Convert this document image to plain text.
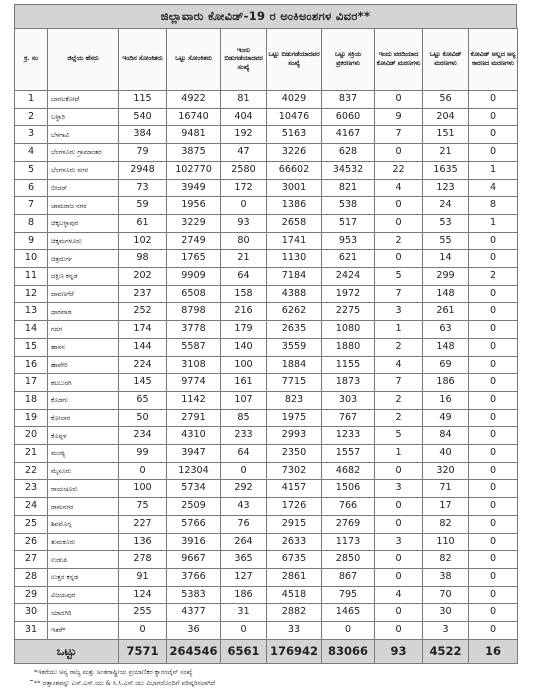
ಜಿಲ್ಲಾವಾರು ಕೋವಿಡ್-19 ರ ಅಂಕಿಅಂಶಗಳ ವಿವರ**
ಕ್ರ. ಸಂ	ಜಿಲ್ಲೆಯ ಹೆಸರು	ಇಂದಿನ ಸೋಂಕಿತರು	ಒಟ್ಟು ಸೋಂಕಿತರು	ಇಂದು ಬಿಡುಗಡೆಯಾದವರ ಸಂಖ್ಯೆ	ಒಟ್ಟು ಬಿಡುಗಡೆಯಾದವರ ಸಂಖ್ಯೆ	ಒಟ್ಟು ಸಕ್ರಿಯ ಪ್ರಕರಣಗಳು	ಇಂದು ವರದಿಯಾದ ಕೋವಿಡ್ ಮರಣಗಳು	ಒಟ್ಟು ಕೋವಿಡ್ ಮರಣಗಳು	ಕೋವಿಡ್ ಅಲ್ಲದ ಅನ್ಯ ಕಾರಣದ ಮರಣಗಳು
1	ಬಾಗಲಕೋಟೆ	115	4922	81	4029	837	0	56	0
2	ಬಳ್ಳಾರಿ	540	16740	404	10476	6060	9	204	0
3	ಬೆಳಗಾವಿ	384	9481	192	5163	4167	7	151	0
4	ಬೆಂಗಳೂರು ಗ್ರಾಮಾಂತರ	79	3875	47	3226	628	0	21	0
5	ಬೆಂಗಳೂರು ನಗರ	2948	102770	2580	66602	34532	22	1635	1
6	ಬೀದರ್	73	3949	172	3001	821	4	123	4
7	ಚಾಮರಾಜ ನಗರ	59	1956	0	1386	538	0	24	8
8	ಚಿಕ್ಕಬಳ್ಳಾಪುರ	61	3229	93	2658	517	0	53	1
9	ಚಿಕ್ಕಮಗಳೂರು	102	2749	80	1741	953	2	55	0
10	ಚಿತ್ರದುರ್ಗ	98	1765	21	1130	621	0	14	0
11	ದಕ್ಷಿಣ ಕನ್ನಡ	202	9909	64	7184	2424	5	299	2
12	ದಾವಣಗೆರೆ	237	6508	158	4388	1972	7	148	0
13	ಧಾರವಾಡ	252	8798	216	6262	2275	3	261	0
14	ಗದಗ	174	3778	179	2635	1080	1	63	0
15	ಹಾಸನ	144	5587	140	3559	1880	2	148	0
16	ಹಾವೇರಿ	224	3108	100	1884	1155	4	69	0
17	ಕಲಬುರಗಿ	145	9774	161	7715	1873	7	186	0
18	ಕೊಡಗು	65	1142	107	823	303	2	16	0
19	ಕೋಲಾರ	50	2791	85	1975	767	2	49	0
20	ಕೊಪ್ಪಳ	234	4310	233	2993	1233	5	84	0
21	ಮಂಡ್ಯ	99	3947	64	2350	1557	1	40	0
22	ಮೈಸೂರು	0	12304	0	7302	4682	0	320	0
23	ರಾಯಚೂರು	100	5734	292	4157	1506	3	71	0
24	ರಾಮನಗರ	75	2509	43	1726	766	0	17	0
25	ಶಿವಮೊಗ್ಗ	227	5766	76	2915	2769	0	82	0
26	ತುಮಕೂರು	136	3916	264	2633	1173	3	110	0
27	ಉಡುಪಿ	278	9667	365	6735	2850	0	82	0
28	ಉತ್ತರ ಕನ್ನಡ	91	3766	127	2861	867	0	38	0
29	ವಿಜಯಪುರ	124	5383	186	4518	795	4	70	0
30	ಯಾದಗಿರಿ	255	4377	31	2882	1465	0	30	0
31	ಇತರೆ*	0	36	0	33	0	0	3	0
ಒಟ್ಟು		7571	264546	6561	176942	83066	93	4522	16
*ಇತರೆಯು ಅನ್ಯ ರಾಜ್ಯ ಮತ್ತು ಅಂತರಾಷ್ಟ್ರೀಯ ಪ್ರಯಾಣಿಕರ ಕ್ವಾರಂಟೈನ್ ಸಂಖ್ಯೆ
** ದತ್ತಾಂಶವನ್ನು ಎಸ್.ಎಸ್.ಯು & ಸಿ.ಸಿ.ಎಸ್.ಯು ವಿಭಾಗದೊಂದಿಗೆ ಪರಿಷ್ಕರಿಸಲಾಗಿದೆ
